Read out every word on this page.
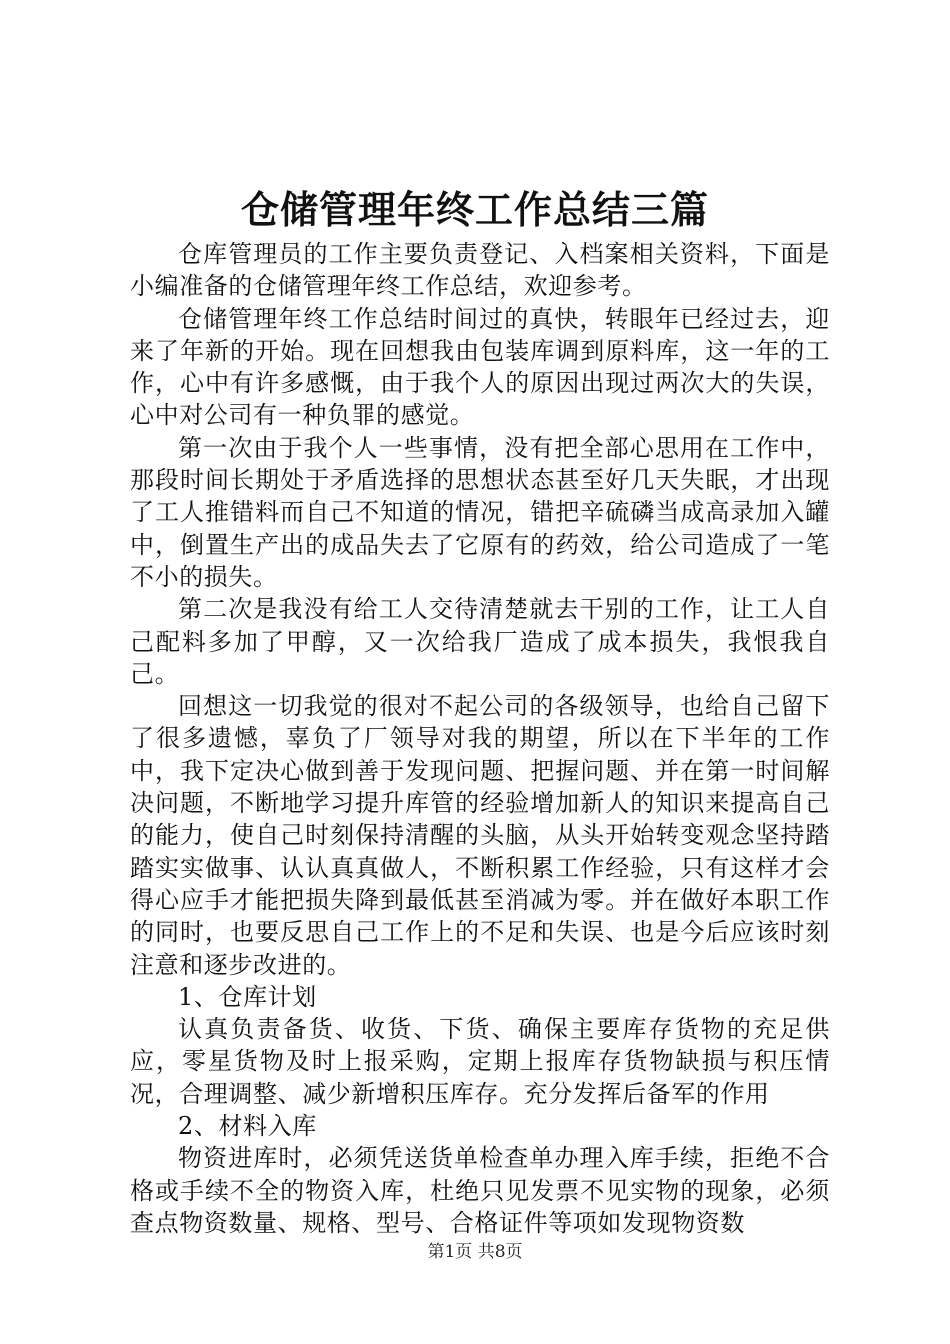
仓储管理年终工作总结三篇

仓库管理员的工作主要负责登记、入档案相关资料，下面是小编准备的仓储管理年终工作总结，欢迎参考。

仓储管理年终工作总结时间过的真快，转眼年已经过去，迎来了年新的开始。现在回想我由包装库调到原料库，这一年的工作，心中有许多感慨，由于我个人的原因出现过两次大的失误，心中对公司有一种负罪的感觉。

第一次由于我个人一些事情，没有把全部心思用在工作中，那段时间长期处于矛盾选择的思想状态甚至好几天失眠，才出现了工人推错料而自己不知道的情况，错把辛硫磷当成高录加入罐中，倒置生产出的成品失去了它原有的药效，给公司造成了一笔不小的损失。

第二次是我没有给工人交待清楚就去干别的工作，让工人自己配料多加了甲醇，又一次给我厂造成了成本损失，我恨我自己。

回想这一切我觉的很对不起公司的各级领导，也给自己留下了很多遗憾，辜负了厂领导对我的期望，所以在下半年的工作中，我下定决心做到善于发现问题、把握问题、并在第一时间解决问题，不断地学习提升库管的经验增加新人的知识来提高自己的能力，使自己时刻保持清醒的头脑，从头开始转变观念坚持踏踏实实做事、认认真真做人，不断积累工作经验，只有这样才会得心应手才能把损失降到最低甚至消减为零。并在做好本职工作的同时，也要反思自己工作上的不足和失误、也是今后应该时刻注意和逐步改进的。

1、仓库计划

认真负责备货、收货、下货、确保主要库存货物的充足供应，零星货物及时上报采购，定期上报库存货物缺损与积压情况，合理调整、减少新增积压库存。充分发挥后备军的作用

2、材料入库

物资进库时，必须凭送货单检查单办理入库手续，拒绝不合格或手续不全的物资入库，杜绝只见发票不见实物的现象，必须查点物资数量、规格、型号、合格证件等项如发现物资数

第1页 共8页
